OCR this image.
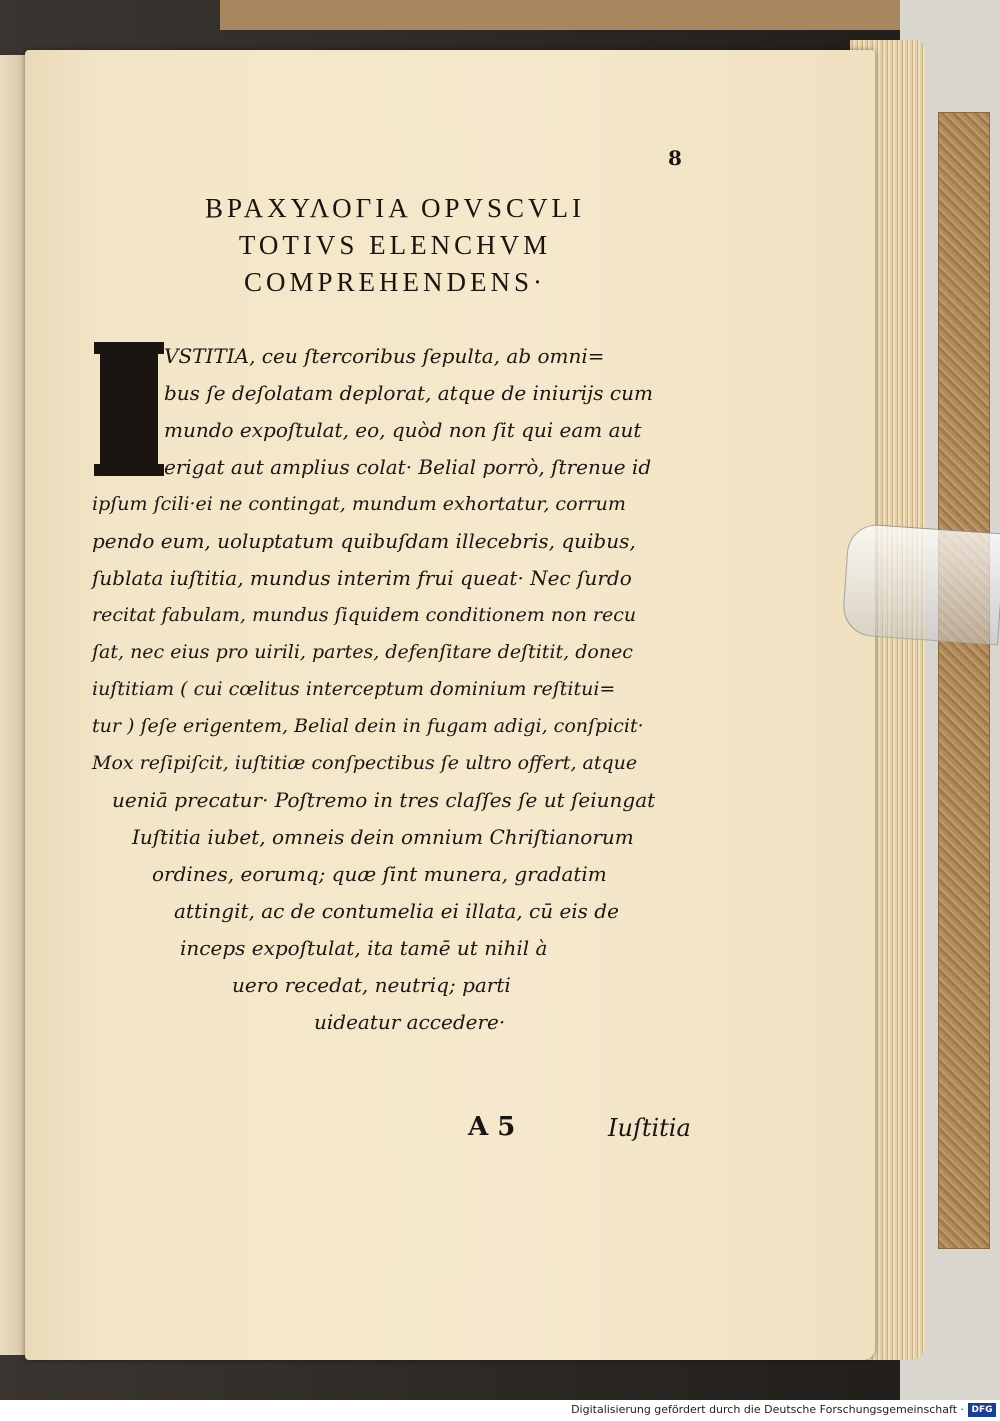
8
ΒΡΑΧΥΛΟΓΙΑ OPVSCVLI
TOTIVS ELENCHVM
COMPREHENDENS·
VSTITIA, ceu ſtercoribus ſepulta, ab omni=
bus ſe deſolatam deplorat, atque de iniurijs cum
mundo expoſtulat, eo, quòd non ſit qui eam aut
erigat aut amplius colat· Belial porrò, ſtrenue id
ipſum ſcili·ei ne contingat, mundum exhortatur, corrum
pendo eum, uoluptatum quibuſdam illecebris, quibus,
ſublata iuſtitia, mundus interim frui queat· Nec ſurdo
recitat fabulam, mundus ſiquidem conditionem non recu
ſat, nec eius pro uirili, partes, defenſitare deſtitit, donec
iuſtitiam ( cui cœlitus interceptum dominium reſtitui=
tur ) ſeſe erigentem, Belial dein in fugam adigi, conſpicit·
Mox reſipiſcit, iuſtitiæ conſpectibus ſe ultro offert, atque
ueniā precatur· Poſtremo in tres claſſes ſe ut ſeiungat
Iuſtitia iubet, omneis dein omnium Chriſtianorum
ordines, eorumq; quæ ſint munera, gradatim
attingit, ac de contumelia ei illata, cū eis de
inceps expoſtulat, ita tamē ut nihil à
uero recedat, neutriq; parti
uideatur accedere·
A 5	Iuſtitia
Digitalisierung gefördert durch die Deutsche Forschungsgemeinschaft · DFG
